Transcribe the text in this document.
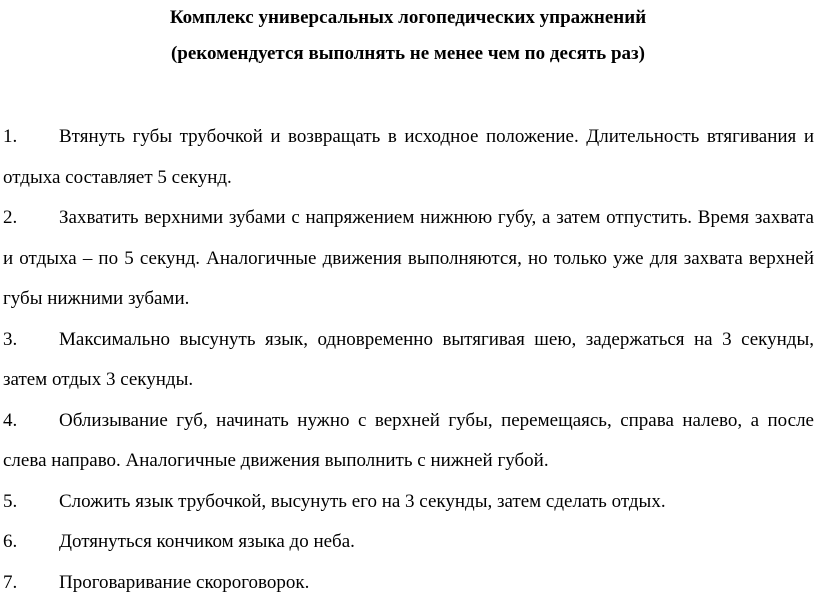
Комплекс универсальных логопедических упражнений
(рекомендуется выполнять не менее чем по десять раз)
1.	Втянуть губы трубочкой и возвращать в исходное положение. Длительность втягивания и отдыха составляет 5 секунд.
2.	Захватить верхними зубами с напряжением нижнюю губу, а затем отпустить. Время захвата и отдыха – по 5 секунд. Аналогичные движения выполняются, но только уже для захвата верхней губы нижними зубами.
3.	Максимально высунуть язык, одновременно вытягивая шею, задержаться на 3 секунды, затем отдых 3 секунды.
4.	Облизывание губ, начинать нужно с верхней губы, перемещаясь, справа налево, а после слева направо. Аналогичные движения выполнить с нижней губой.
5.	Сложить язык трубочкой, высунуть его на 3 секунды, затем сделать отдых.
6.	Дотянуться кончиком языка до неба.
7.	Проговаривание скороговорок.
